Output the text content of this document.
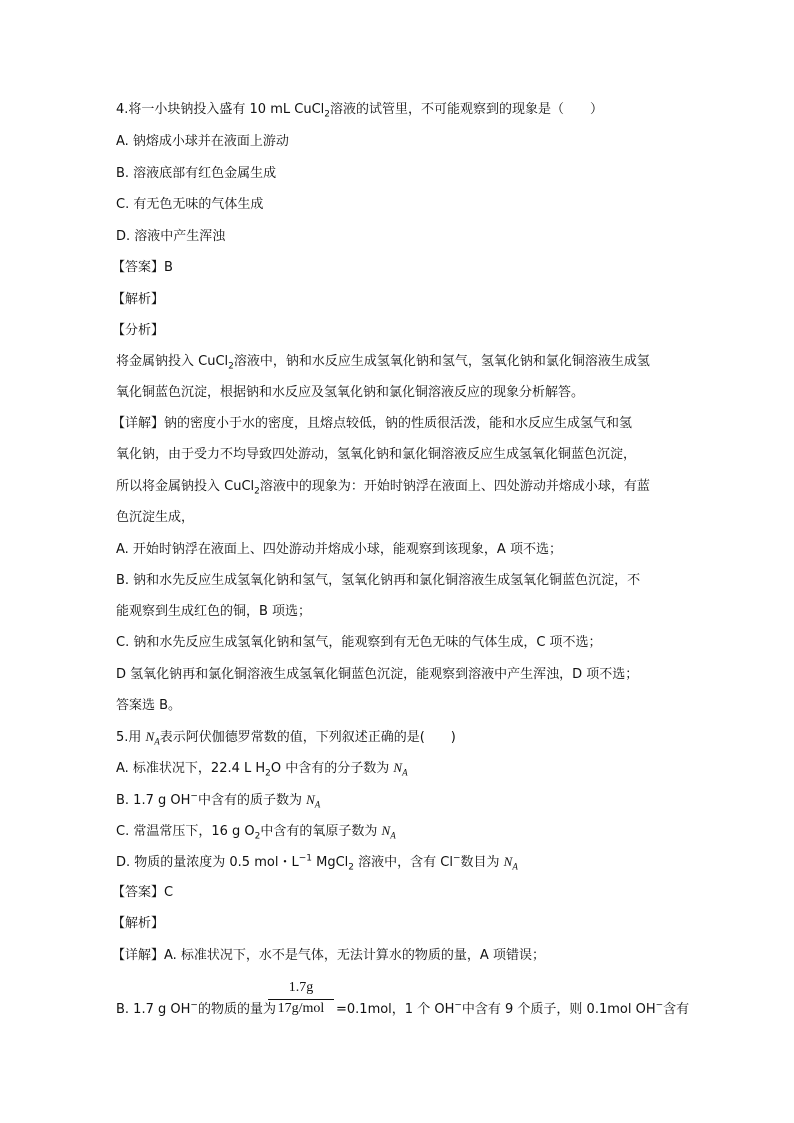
4.将一小块钠投入盛有 10 mL CuCl$_2$溶液的试管里，不可能观察到的现象是（　　）
A. 钠熔成小球并在液面上游动
B. 溶液底部有红色金属生成
C. 有无色无味的气体生成
D. 溶液中产生浑浊
【答案】B
【解析】
【分析】
将金属钠投入 CuCl$_2$溶液中，钠和水反应生成氢氧化钠和氢气，氢氧化钠和氯化铜溶液生成氢
氧化铜蓝色沉淀，根据钠和水反应及氢氧化钠和氯化铜溶液反应的现象分析解答。
【详解】钠的密度小于水的密度，且熔点较低，钠的性质很活泼，能和水反应生成氢气和氢
氧化钠，由于受力不均导致四处游动，氢氧化钠和氯化铜溶液反应生成氢氧化铜蓝色沉淀，
所以将金属钠投入 CuCl$_2$溶液中的现象为：开始时钠浮在液面上、四处游动并熔成小球，有蓝
色沉淀生成，
A. 开始时钠浮在液面上、四处游动并熔成小球，能观察到该现象，A 项不选；
B. 钠和水先反应生成氢氧化钠和氢气，氢氧化钠再和氯化铜溶液生成氢氧化铜蓝色沉淀，不
能观察到生成红色的铜，B 项选；
C. 钠和水先反应生成氢氧化钠和氢气，能观察到有无色无味的气体生成，C 项不选；
D 氢氧化钠再和氯化铜溶液生成氢氧化铜蓝色沉淀，能观察到溶液中产生浑浊，D 项不选；
答案选 B。
5.用 $N_A$表示阿伏伽德罗常数的值，下列叙述正确的是(　　)
A. 标准状况下，22.4 L $H_2O$ 中含有的分子数为 $N_A$
B. 1.7 g OH−中含有的质子数为 $N_A$
C. 常温常压下，16 g $O_2$中含有的氧原子数为 $N_A$
D. 物质的量浓度为 0.5 mol・$L^{-1}$ MgCl$_2$ 溶液中，含有 Cl−数目为 $N_A$
【答案】C
【解析】
【详解】A. 标准状况下，水不是气体，无法计算水的物质的量，A 项错误；
B. 1.7 g OH−的物质的量为
1.7g
17g/mol =0.1mol，1 个 OH−中含有 9 个质子，则 0.1mol OH−含有
